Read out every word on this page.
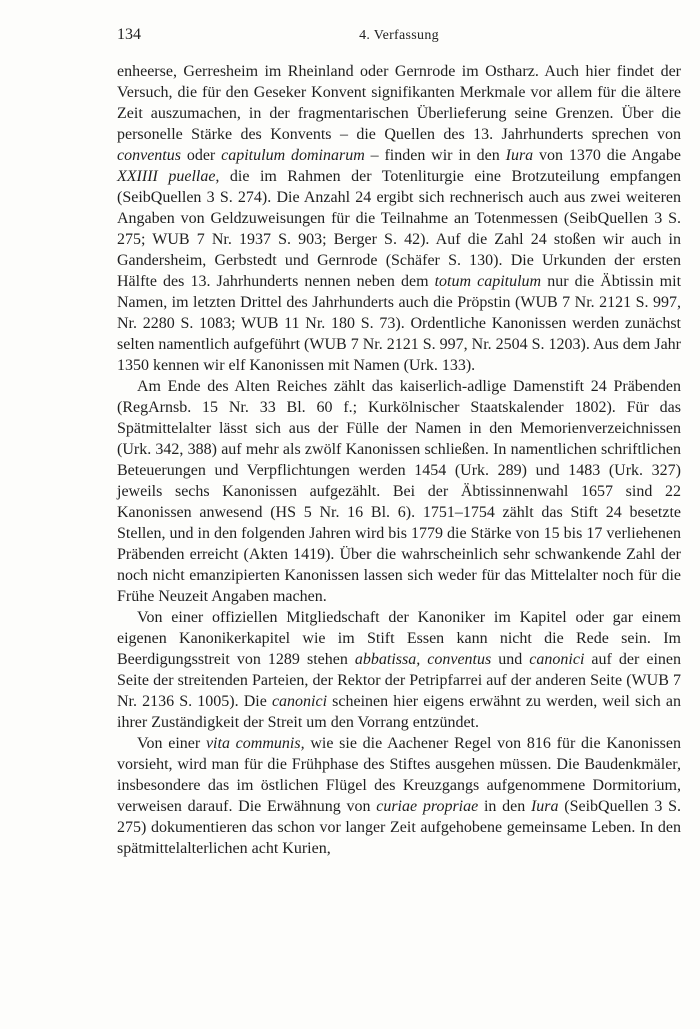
134	4. Verfassung

enheerse, Gerresheim im Rheinland oder Gernrode im Ostharz. Auch hier findet der Versuch, die für den Geseker Konvent signifikanten Merkmale vor allem für die ältere Zeit auszumachen, in der fragmentarischen Überlieferung seine Grenzen. Über die personelle Stärke des Konvents – die Quellen des 13. Jahrhunderts sprechen von conventus oder capitulum dominarum – finden wir in den Iura von 1370 die Angabe XXIIII puellae, die im Rahmen der Totenliturgie eine Brotzuteilung empfangen (SeibQuellen 3 S. 274). Die Anzahl 24 ergibt sich rechnerisch auch aus zwei weiteren Angaben von Geldzuweisungen für die Teilnahme an Totenmessen (SeibQuellen 3 S. 275; WUB 7 Nr. 1937 S. 903; Berger S. 42). Auf die Zahl 24 stoßen wir auch in Gandersheim, Gerbstedt und Gernrode (Schäfer S. 130). Die Urkunden der ersten Hälfte des 13. Jahrhunderts nennen neben dem totum capitulum nur die Äbtissin mit Namen, im letzten Drittel des Jahrhunderts auch die Pröpstin (WUB 7 Nr. 2121 S. 997, Nr. 2280 S. 1083; WUB 11 Nr. 180 S. 73). Ordentliche Kanonissen werden zunächst selten namentlich aufgeführt (WUB 7 Nr. 2121 S. 997, Nr. 2504 S. 1203). Aus dem Jahr 1350 kennen wir elf Kanonissen mit Namen (Urk. 133).

Am Ende des Alten Reiches zählt das kaiserlich-adlige Damenstift 24 Präbenden (RegArnsb. 15 Nr. 33 Bl. 60 f.; Kurkölnischer Staatskalender 1802). Für das Spätmittelalter lässt sich aus der Fülle der Namen in den Memorienverzeichnissen (Urk. 342, 388) auf mehr als zwölf Kanonissen schließen. In namentlichen schriftlichen Beteuerungen und Verpflichtungen werden 1454 (Urk. 289) und 1483 (Urk. 327) jeweils sechs Kanonissen aufgezählt. Bei der Äbtissinnenwahl 1657 sind 22 Kanonissen anwesend (HS 5 Nr. 16 Bl. 6). 1751–1754 zählt das Stift 24 besetzte Stellen, und in den folgenden Jahren wird bis 1779 die Stärke von 15 bis 17 verliehenen Präbenden erreicht (Akten 1419). Über die wahrscheinlich sehr schwankende Zahl der noch nicht emanzipierten Kanonissen lassen sich weder für das Mittelalter noch für die Frühe Neuzeit Angaben machen.

Von einer offiziellen Mitgliedschaft der Kanoniker im Kapitel oder gar einem eigenen Kanonikerkapitel wie im Stift Essen kann nicht die Rede sein. Im Beerdigungsstreit von 1289 stehen abbatissa, conventus und canonici auf der einen Seite der streitenden Parteien, der Rektor der Petripfarrei auf der anderen Seite (WUB 7 Nr. 2136 S. 1005). Die canonici scheinen hier eigens erwähnt zu werden, weil sich an ihrer Zuständigkeit der Streit um den Vorrang entzündet.

Von einer vita communis, wie sie die Aachener Regel von 816 für die Kanonissen vorsieht, wird man für die Frühphase des Stiftes ausgehen müssen. Die Baudenkmäler, insbesondere das im östlichen Flügel des Kreuzgangs aufgenommene Dormitorium, verweisen darauf. Die Erwähnung von curiae propriae in den Iura (SeibQuellen 3 S. 275) dokumentieren das schon vor langer Zeit aufgehobene gemeinsame Leben. In den spätmittelalterlichen acht Kurien,
